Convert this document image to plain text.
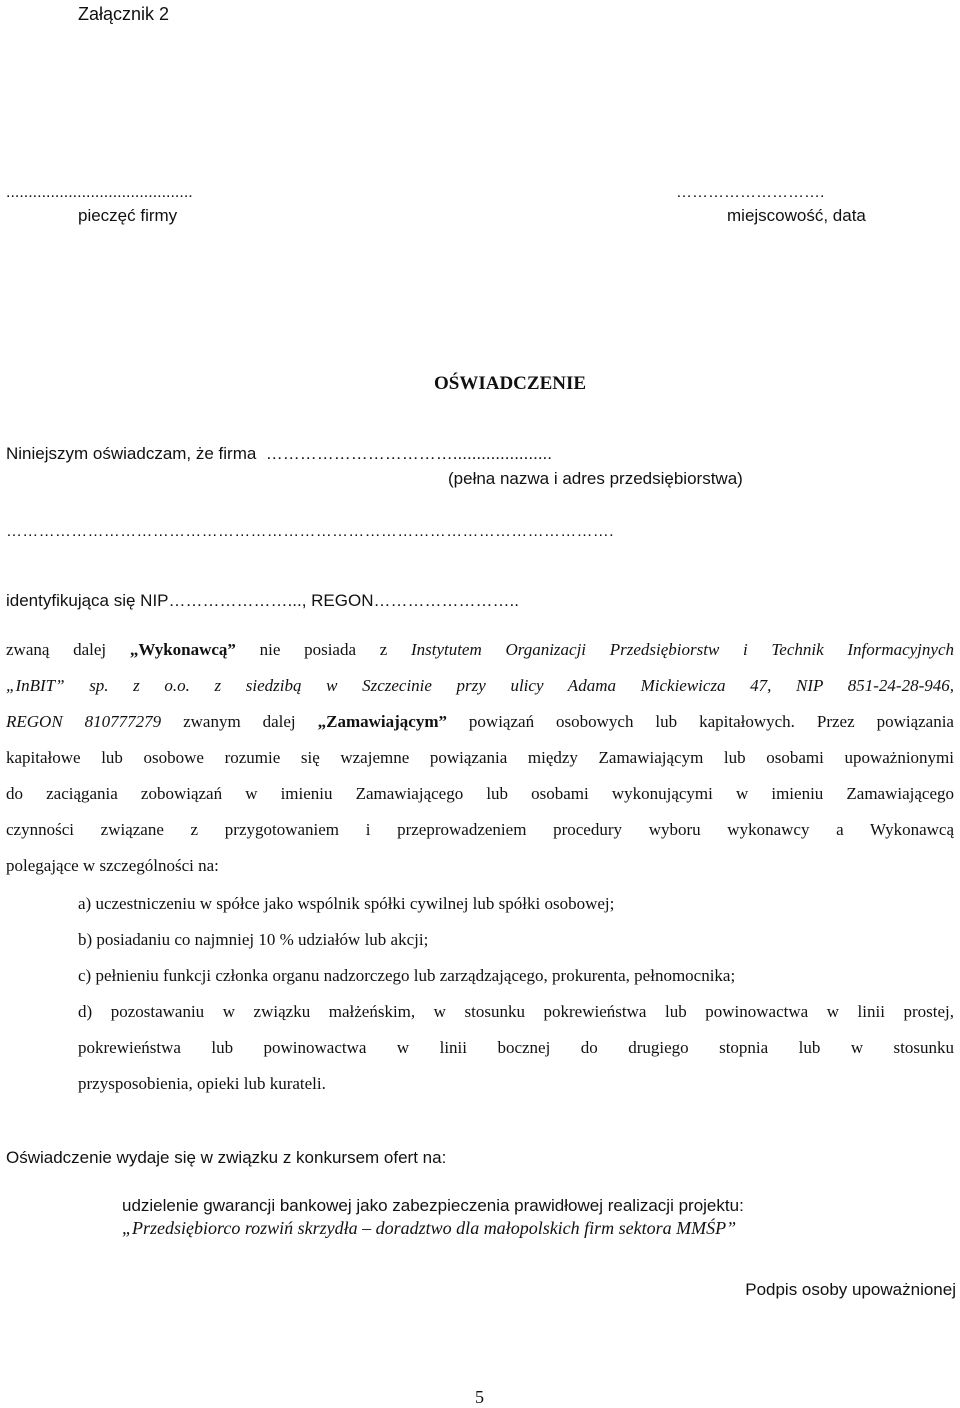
Załącznik 2
..........................................
pieczęć firmy
……………………….
miejscowość, data
OŚWIADCZENIE
Niniejszym oświadczam, że firma …………………………….....................
(pełna nazwa i adres przedsiębiorstwa)
………………………………………………………………………………………………….
identyfikująca się NIP…………………..., REGON……………………..
zwaną dalej „Wykonawcą” nie posiada z Instytutem Organizacji Przedsiębiorstw i Technik Informacyjnych
„InBIT” sp. z o.o. z siedzibą w Szczecinie przy ulicy Adama Mickiewicza 47, NIP 851-24-28-946,
REGON 810777279 zwanym dalej „Zamawiającym” powiązań osobowych lub kapitałowych. Przez powiązania
kapitałowe lub osobowe rozumie się wzajemne powiązania między Zamawiającym lub osobami upoważnionymi
do zaciągania zobowiązań w imieniu Zamawiającego lub osobami wykonującymi w imieniu Zamawiającego
czynności związane z przygotowaniem i przeprowadzeniem procedury wyboru wykonawcy a Wykonawcą
polegające w szczególności na:
a) uczestniczeniu w spółce jako wspólnik spółki cywilnej lub spółki osobowej;
b) posiadaniu co najmniej 10 % udziałów lub akcji;
c) pełnieniu funkcji członka organu nadzorczego lub zarządzającego, prokurenta, pełnomocnika;
d) pozostawaniu w związku małżeńskim, w stosunku pokrewieństwa lub powinowactwa w linii prostej,
pokrewieństwa lub powinowactwa w linii bocznej do drugiego stopnia lub w stosunku
przysposobienia, opieki lub kurateli.
Oświadczenie wydaje się w związku z konkursem ofert na:
udzielenie gwarancji bankowej jako zabezpieczenia prawidłowej realizacji projektu:
„Przedsiębiorco rozwiń skrzydła – doradztwo dla małopolskich firm sektora MMŚP”
Podpis osoby upoważnionej
5
